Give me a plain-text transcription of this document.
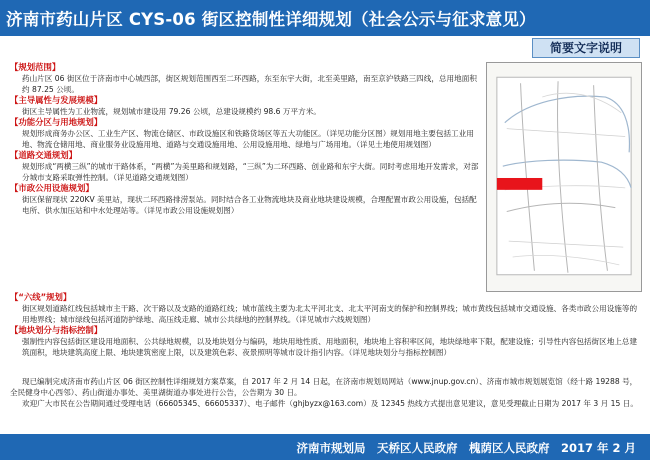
济南市药山片区 CYS-06 街区控制性详细规划（社会公示与征求意见）
简要文字说明
【规划范围】
药山片区 06 街区位于济南市中心城西部，街区规划范围西至二环西路，东至东宇大街，北至美里路，南至京沪铁路三四线，总用地面积约 87.25 公顷。
【主导属性与发展规模】
街区主导属性为工业物流，规划城市建设用 79.26 公顷，总建设规模约 98.6 万平方米。
【功能分区与用地规划】
规划形成商务办公区、工业生产区、物流仓储区、市政设施区和铁路货场区等五大功能区。（详见功能分区图）规划用地主要包括工业用地、物流仓储用地、商业服务业设施用地、道路与交通设施用地、公用设施用地、绿地与广场用地。（详见土地使用规划图）
【道路交通规划】
规划形成“两横三纵”的城市干路体系，“两横”为美里路和规划路，“三纵”为二环西路、创业路和东宇大街。同时考虑用地开发需求，对部分城市支路采取弹性控制。（详见道路交通规划图）
【市政公用设施规划】
街区保留现状 220KV 美里站，现状二环西路排涝泵站。同时结合各工业物流地块及商业地块建设规模，合理配置市政公用设施，包括配电所、供水加压站和中水处理站等。（详见市政公用设施规划图）
【“六线”规划】
街区规划道路红线包括城市主干路、次干路以及支路的道路红线；城市蓝线主要为北太平河北支、北太平河南支的保护和控制界线；城市黄线包括城市交通设施、各类市政公用设施等的用地界线；城市绿线包括河道防护绿地、高压线走廊、城市公共绿地的控制界线。（详见城市六线规划图）
【地块划分与指标控制】
强制性内容包括街区建设用地面积、公共绿地规模，以及地块划分与编码，地块用地性质、用地面积，地块地上容积率区间，地块绿地率下限，配建设施；引导性内容包括街区地上总建筑面积，地块建筑高度上限、地块建筑密度上限，以及建筑色彩、夜景照明等城市设计指引内容。（详见地块划分与指标控制图）

现已编制完成济南市药山片区 06 街区控制性详细规划方案草案，自 2017 年 2 月 14 日起，在济南市规划局网站（www.jnup.gov.cn）、济南市城市规划展览馆（经十路 19288 号，全民健身中心西邻）、药山街道办事处、美里湖街道办事处进行公告，公告期为 30 日。

欢迎广大市民在公告期间通过受理电话（66605345、66605337）、电子邮件（ghjbyzx@163.com）及 12345 热线方式提出意见建议，意见受理截止日期为 2017 年 3 月 15 日。

济南市规划局　天桥区人民政府　槐荫区人民政府　2017 年 2 月
